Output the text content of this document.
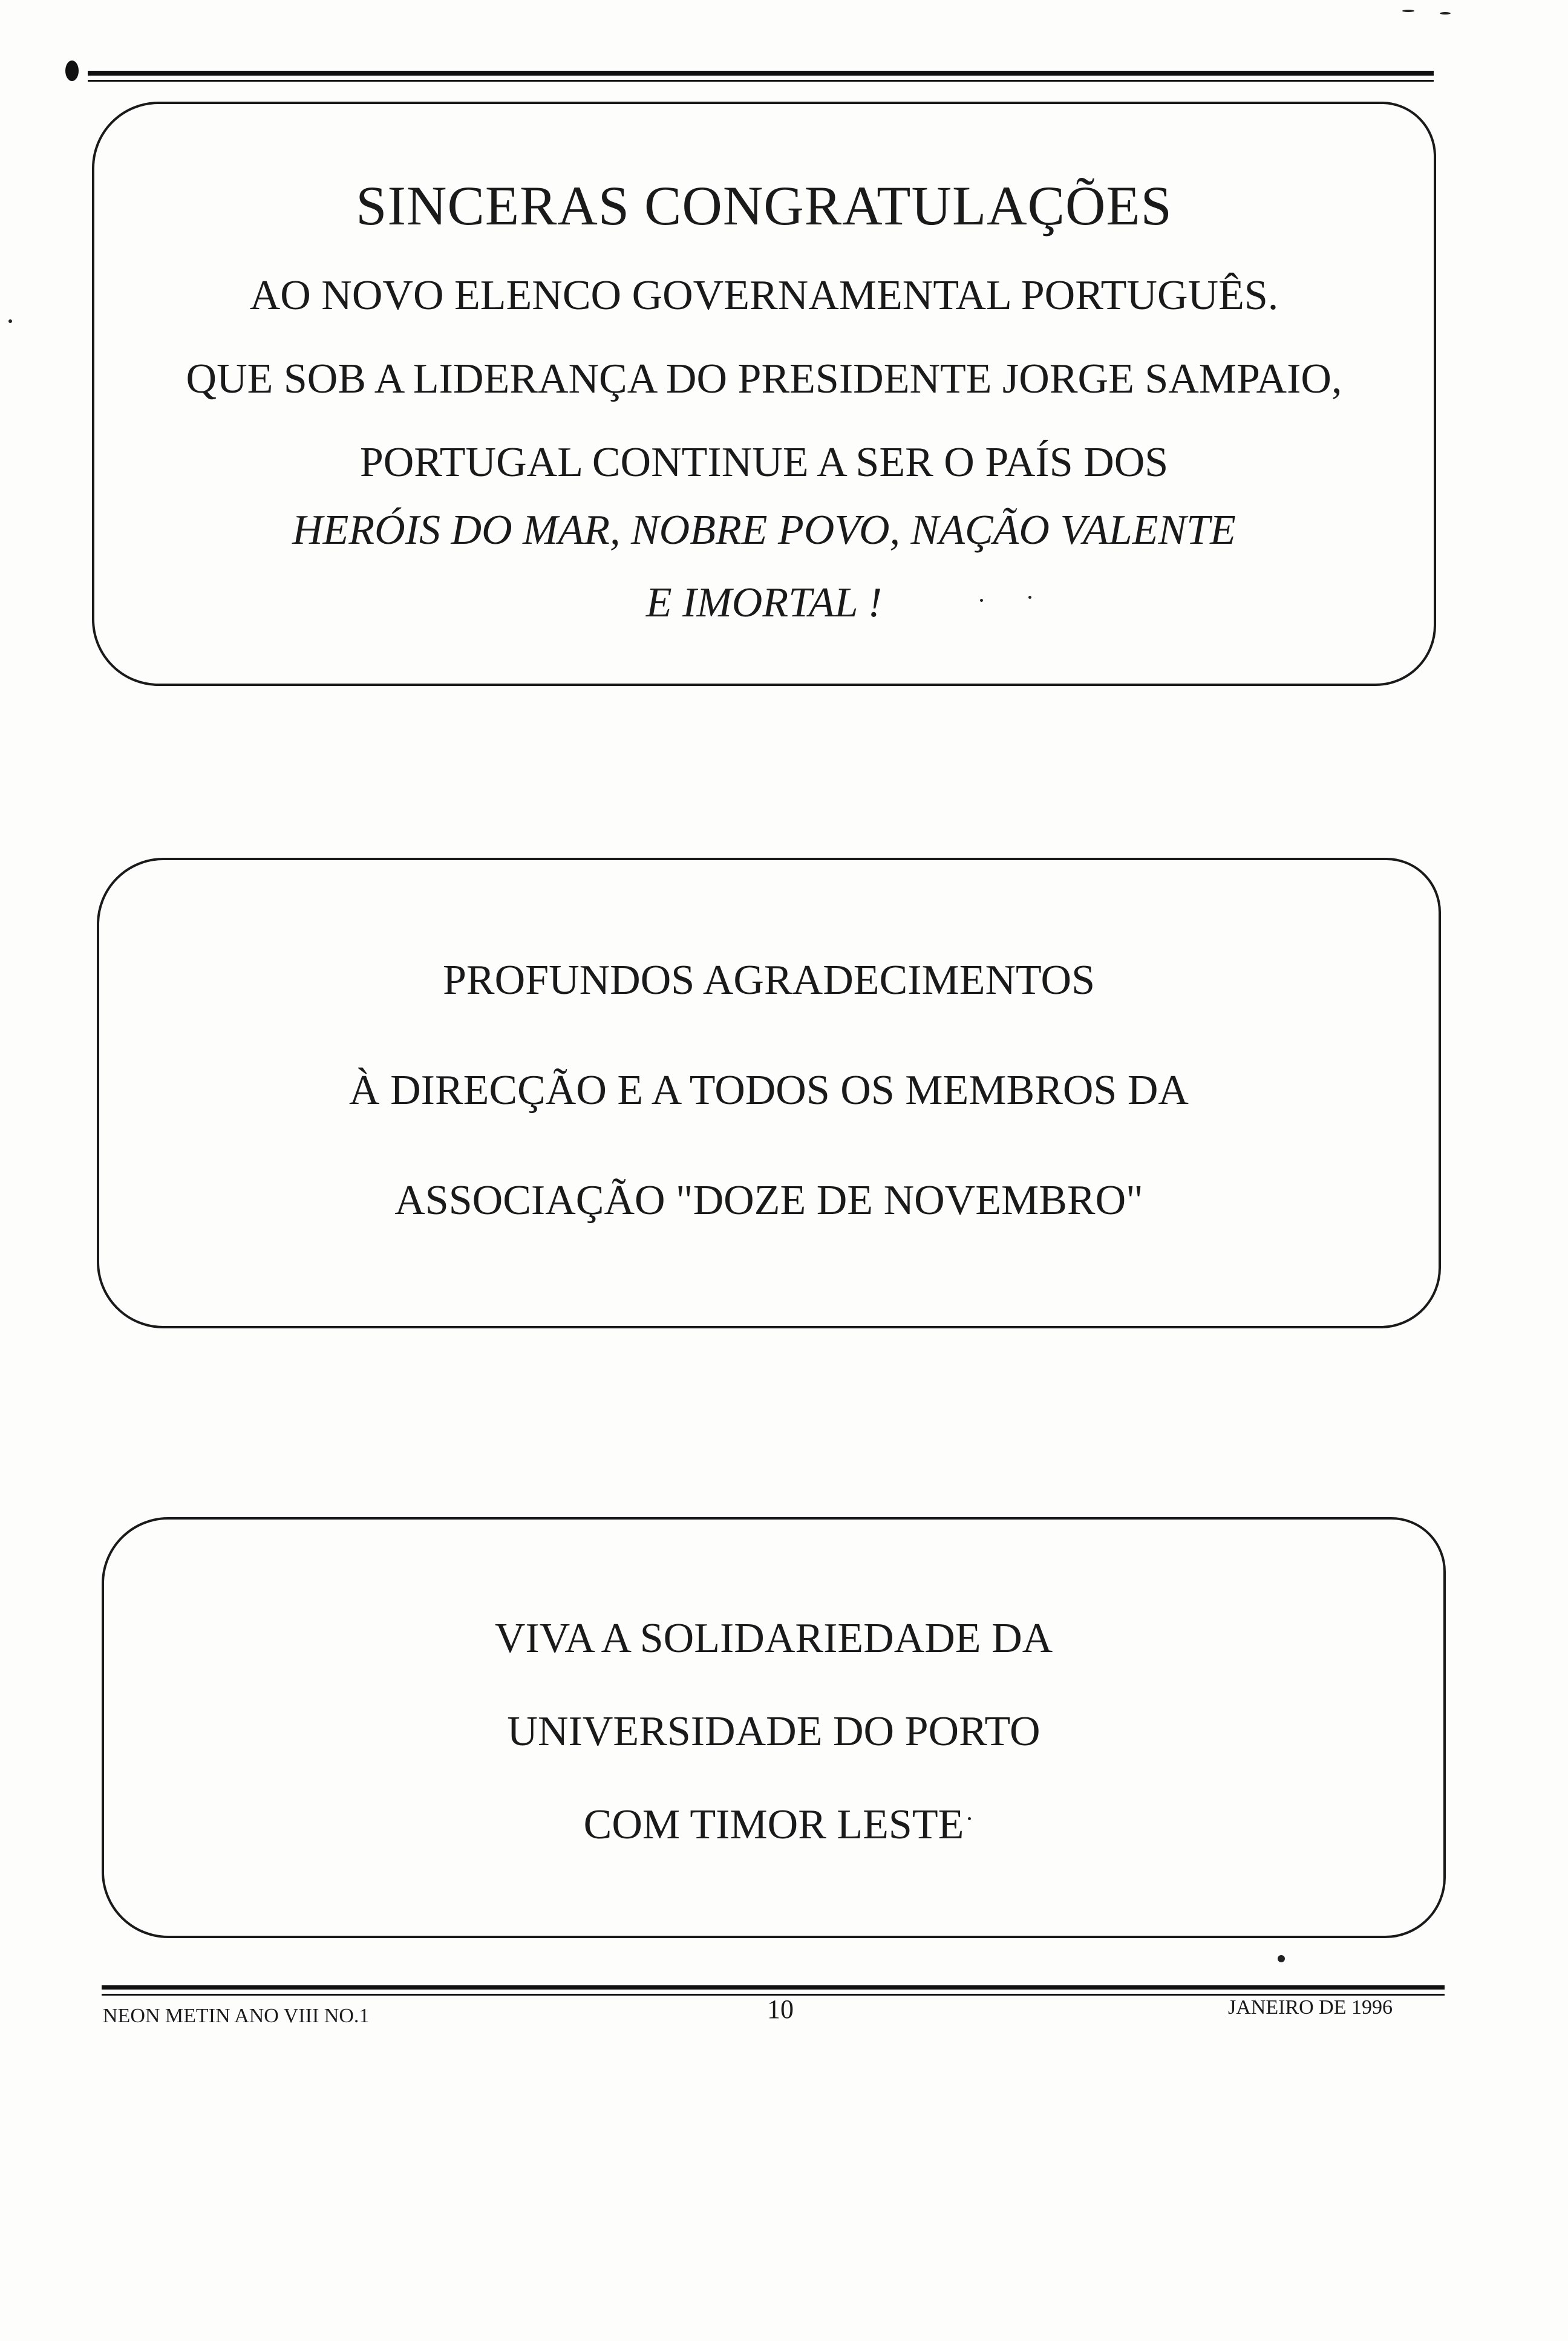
SINCERAS CONGRATULAÇÕES
AO NOVO ELENCO GOVERNAMENTAL PORTUGUÊS.
QUE SOB A LIDERANÇA DO PRESIDENTE JORGE SAMPAIO,
PORTUGAL CONTINUE A SER O PAÍS DOS
HERÓIS DO MAR, NOBRE POVO, NAÇÃO VALENTE
E IMORTAL !
PROFUNDOS AGRADECIMENTOS
À DIRECÇÃO E A TODOS OS MEMBROS DA
ASSOCIAÇÃO "DOZE DE NOVEMBRO"
VIVA A SOLIDARIEDADE DA
UNIVERSIDADE DO PORTO
COM TIMOR LESTE
NEON METIN ANO VIII NO.1	10	JANEIRO DE 1996
